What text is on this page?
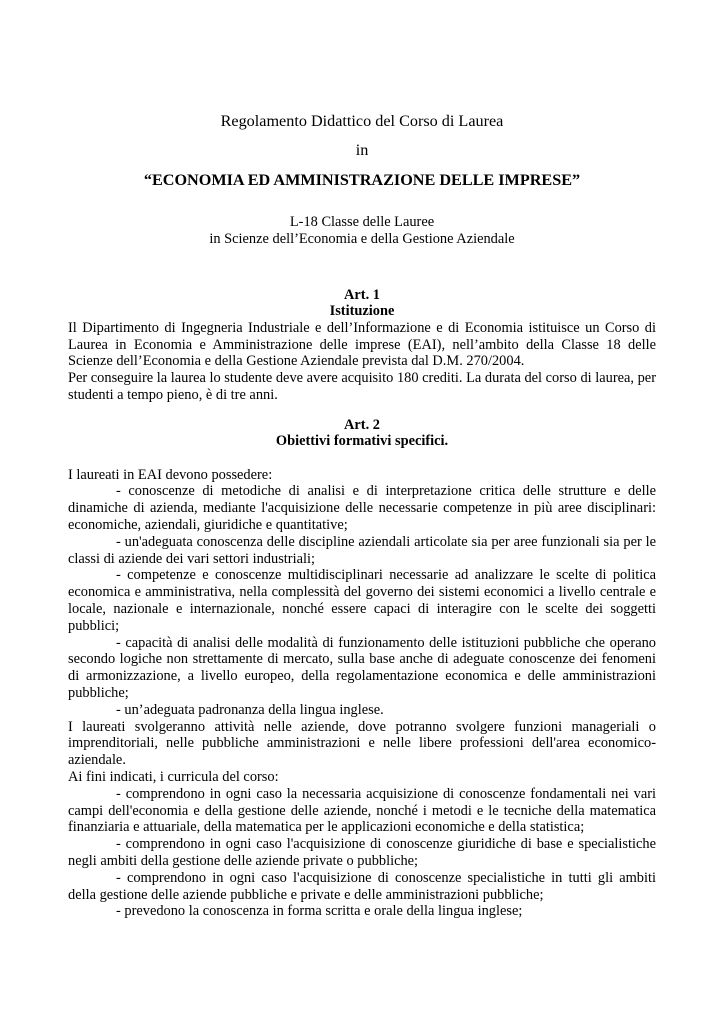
Regolamento Didattico del Corso di Laurea
in
“ECONOMIA ED AMMINISTRAZIONE DELLE IMPRESE”
L-18 Classe delle Lauree
in Scienze dell’Economia e della Gestione Aziendale
Art. 1
Istituzione

Il Dipartimento di Ingegneria Industriale e dell’Informazione e di Economia istituisce un Corso di Laurea in Economia e Amministrazione delle imprese (EAI), nell’ambito della Classe 18 delle Scienze dell’Economia e della Gestione Aziendale prevista dal D.M. 270/2004.

Per conseguire la laurea lo studente deve avere acquisito 180 crediti. La durata del corso di laurea, per studenti a tempo pieno, è di tre anni.

Art. 2
Obiettivi formativi specifici.

I laureati in EAI devono possedere:

- conoscenze di metodiche di analisi e di interpretazione critica delle strutture e delle dinamiche di azienda, mediante l'acquisizione delle necessarie competenze in più aree disciplinari: economiche, aziendali, giuridiche e quantitative;

- un'adeguata conoscenza delle discipline aziendali articolate sia per aree funzionali sia per le classi di aziende dei vari settori industriali;

- competenze e conoscenze multidisciplinari necessarie ad analizzare le scelte di politica economica e amministrativa, nella complessità del governo dei sistemi economici a livello centrale e locale, nazionale e internazionale, nonché essere capaci di interagire con le scelte dei soggetti pubblici;

- capacità di analisi delle modalità di funzionamento delle istituzioni pubbliche che operano secondo logiche non strettamente di mercato, sulla base anche di adeguate conoscenze dei fenomeni di armonizzazione, a livello europeo, della regolamentazione economica e delle amministrazioni pubbliche;

- un’adeguata padronanza della lingua inglese.

I laureati svolgeranno attività nelle aziende, dove potranno svolgere funzioni manageriali o imprenditoriali, nelle pubbliche amministrazioni e nelle libere professioni dell'area economico-aziendale.

Ai fini indicati, i curricula del corso:

- comprendono in ogni caso la necessaria acquisizione di conoscenze fondamentali nei vari campi dell'economia e della gestione delle aziende, nonché i metodi e le tecniche della matematica finanziaria e attuariale, della matematica per le applicazioni economiche e della statistica;

- comprendono in ogni caso l'acquisizione di conoscenze giuridiche di base e specialistiche negli ambiti della gestione delle aziende private o pubbliche;

- comprendono in ogni caso l'acquisizione di conoscenze specialistiche in tutti gli ambiti della gestione delle aziende pubbliche e private e delle amministrazioni pubbliche;

- prevedono la conoscenza in forma scritta e orale della lingua inglese;
